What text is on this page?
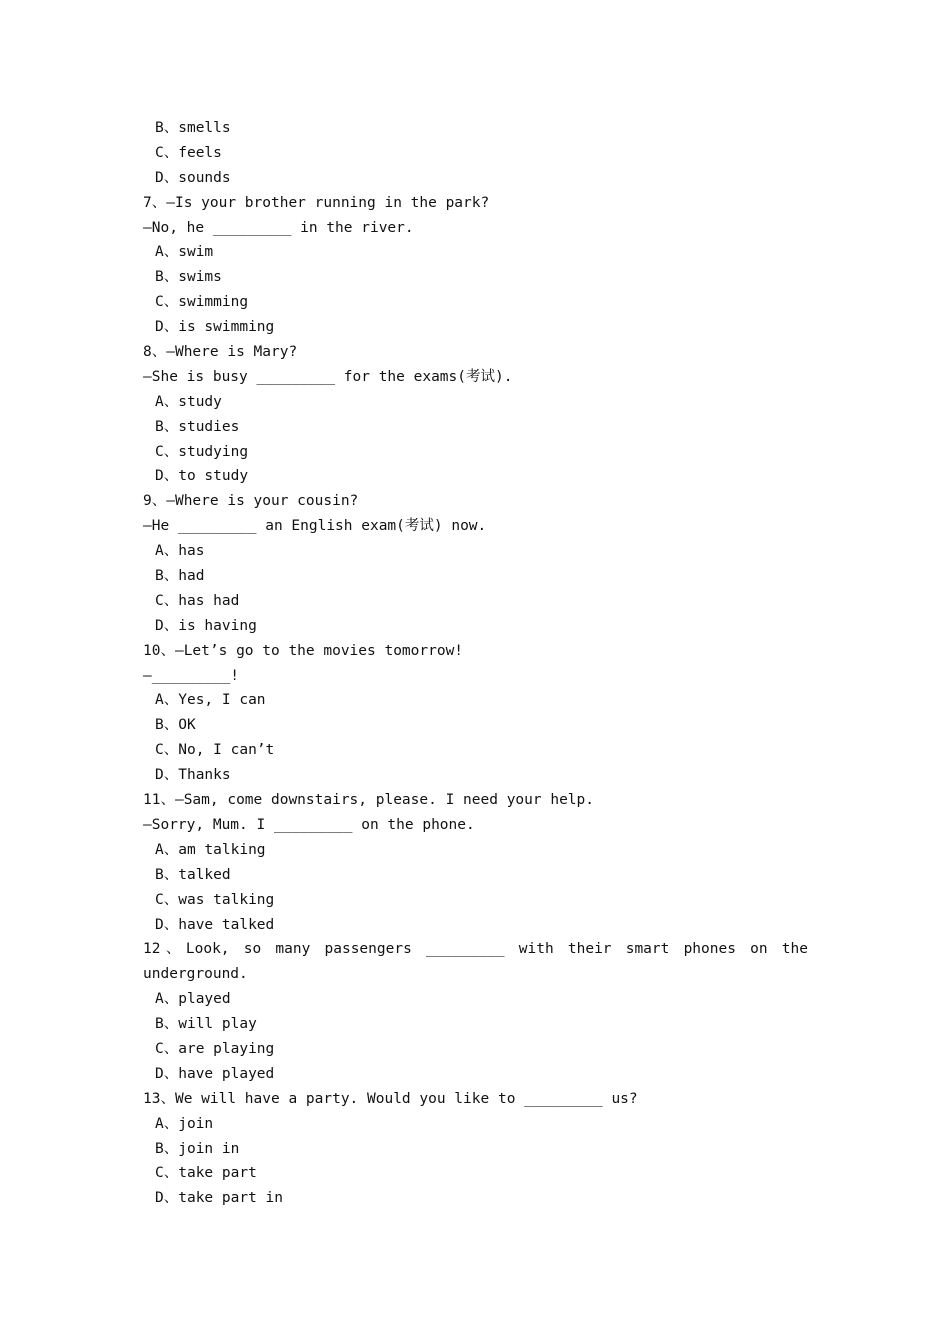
B、smells
C、feels
D、sounds
7、—Is your brother running in the park?
—No, he _________ in the river.
A、swim
B、swims
C、swimming
D、is swimming
8、—Where is Mary?
—She is busy _________ for the exams(考试).
A、study
B、studies
C、studying
D、to study
9、—Where is your cousin?
—He _________ an English exam(考试) now.
A、has
B、had
C、has had
D、is having
10、—Let’s go to the movies tomorrow!
—_________!
A、Yes, I can
B、OK
C、No, I can’t
D、Thanks
11、—Sam, come downstairs, please. I need your help.
—Sorry, Mum. I _________ on the phone.
A、am talking
B、talked
C、was talking
D、have talked
12、Look, so many passengers _________ with their smart phones on the
underground.
A、played
B、will play
C、are playing
D、have played
13、We will have a party. Would you like to _________ us?
A、join
B、join in
C、take part
D、take part in
